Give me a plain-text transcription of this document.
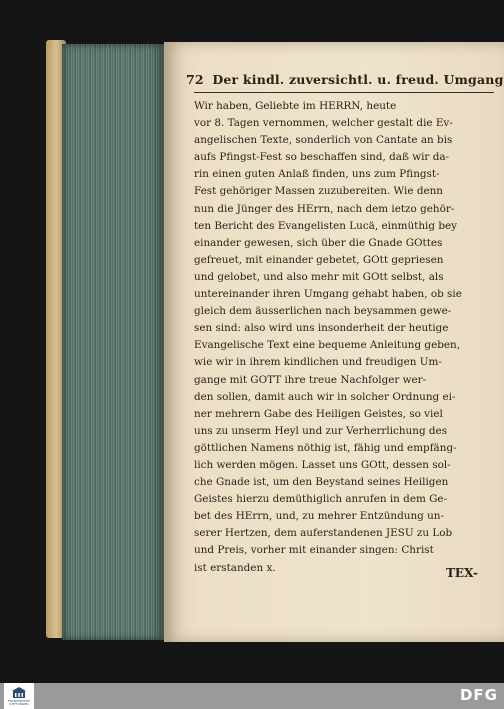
72 Der kindl. zuversichtl. u. freud. Umgang
Wir haben, Geliebte im HERRN, heute
vor 8. Tagen vernommen, welcher gestalt die Ev-
angelischen Texte, sonderlich von Cantate an bis
aufs Pfingst-Fest so beschaffen sind, daß wir da-
rin einen guten Anlaß finden, uns zum Pfingst-
Fest gehöriger Massen zuzubereiten. Wie denn
nun die Jünger des HErrn, nach dem ietzo gehör-
ten Bericht des Evangelisten Lucä, einmüthig bey
einander gewesen, sich über die Gnade GOttes
gefreuet, mit einander gebetet, GOtt gepriesen
und gelobet, und also mehr mit GOtt selbst, als
untereinander ihren Umgang gehabt haben, ob sie
gleich dem äusserlichen nach beysammen gewe-
sen sind: also wird uns insonderheit der heutige
Evangelische Text eine bequeme Anleitung geben,
wie wir in ihrem kindlichen und freudigen Um-
gange mit GOTT ihre treue Nachfolger wer-
den sollen, damit auch wir in solcher Ordnung ei-
ner mehrern Gabe des Heiligen Geistes, so viel
uns zu unserm Heyl und zur Verherrlichung des
göttlichen Namens nöthig ist, fähig und empfäng-
lich werden mögen. Lasset uns GOtt, dessen sol-
che Gnade ist, um den Beystand seines Heiligen
Geistes hierzu demüthiglich anrufen in dem Ge-
bet des HErrn, und, zu mehrer Entzündung un-
serer Hertzen, dem auferstandenen JESU zu Lob
und Preis, vorher mit einander singen: Christ
ist erstanden x.	TEX-
FRANCKESCHE STIFTUNGEN	DFG
